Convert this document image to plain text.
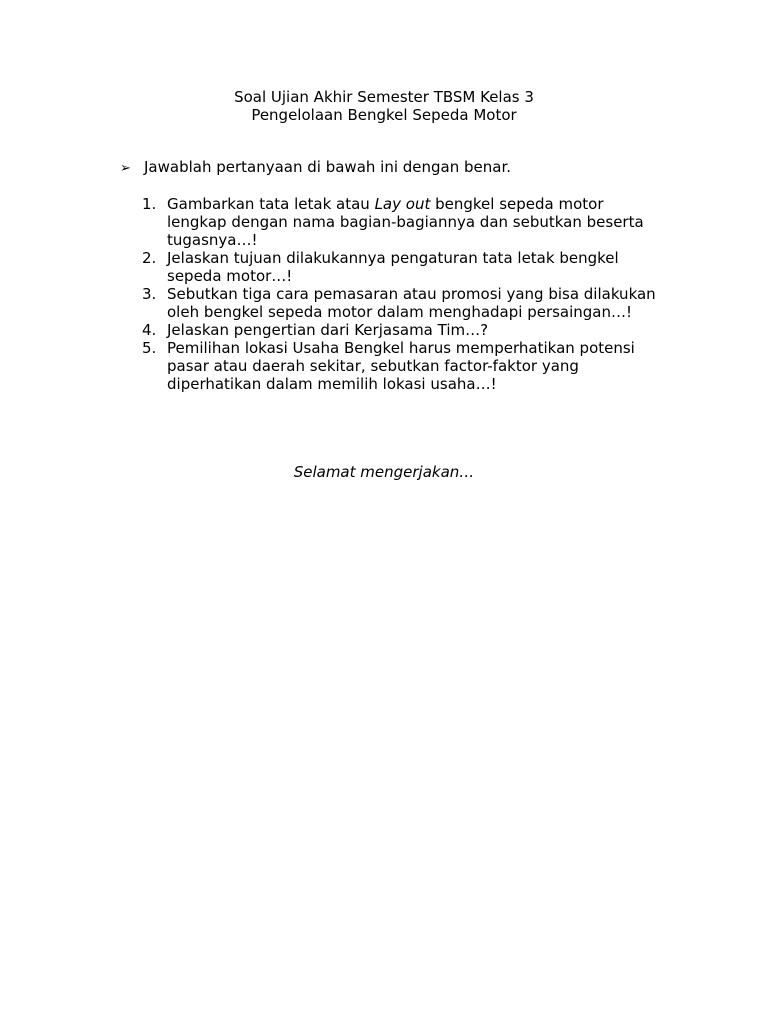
Soal Ujian Akhir Semester TBSM Kelas 3
Pengelolaan Bengkel Sepeda Motor
➢ Jawablah pertanyaan di bawah ini dengan benar.
1. Gambarkan tata letak atau Lay out bengkel sepeda motor lengkap dengan nama bagian-bagiannya dan sebutkan beserta tugasnya…!
2. Jelaskan tujuan dilakukannya pengaturan tata letak bengkel sepeda motor…!
3. Sebutkan tiga cara pemasaran atau promosi yang bisa dilakukan oleh bengkel sepeda motor dalam menghadapi persaingan…!
4. Jelaskan pengertian dari Kerjasama Tim…?
5. Pemilihan lokasi Usaha Bengkel harus memperhatikan potensi pasar atau daerah sekitar, sebutkan factor-faktor yang diperhatikan dalam memilih lokasi usaha…!
Selamat mengerjakan…
